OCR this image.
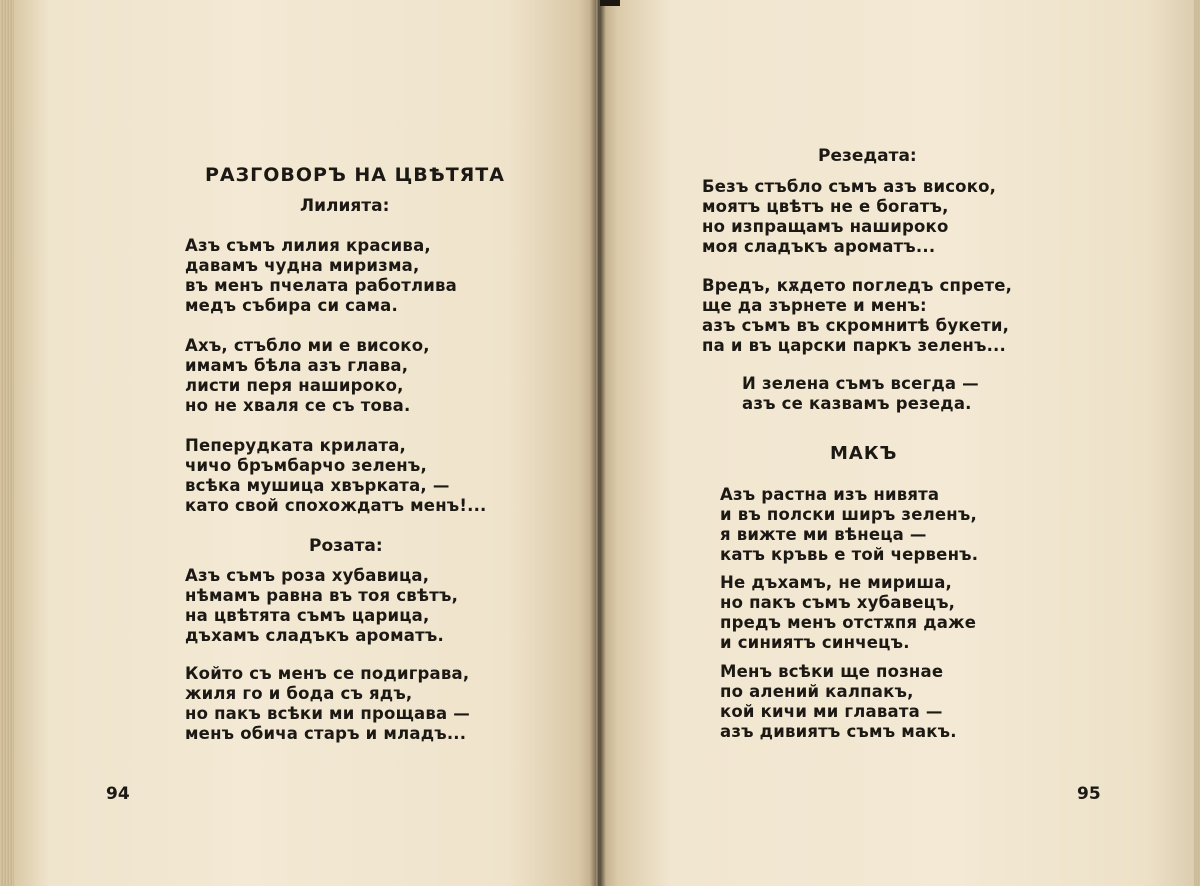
РАЗГОВОРЪ НА ЦВѢТЯТА
Лилията:
Азъ съмъ лилия красива,
давамъ чудна миризма,
въ менъ пчелата работлива
медъ събира си сама.
Ахъ, стъбло ми е високо,
имамъ бѣла азъ глава,
листи перя нашироко,
но не хваля се съ това.
Пеперудката крилата,
чичо бръмбарчо зеленъ,
всѣка мушица хвърката, —
като свой спохождатъ менъ!...
Розата:
Азъ съмъ роза хубавица,
нѣмамъ равна въ тоя свѣтъ,
на цвѣтята съмъ царица,
дъхамъ сладъкъ ароматъ.
Който съ менъ се подиграва,
жиля го и бода съ ядъ,
но пакъ всѣки ми прощава —
менъ обича старъ и младъ...
94
Резедата:
Безъ стъбло съмъ азъ високо,
моятъ цвѣтъ не е богатъ,
но изпращамъ нашироко
моя сладъкъ ароматъ...
Вредъ, кѫдето погледъ спрете,
ще да зърнете и менъ:
азъ съмъ въ скромнитѣ букети,
па и въ царски паркъ зеленъ...
И зелена съмъ всегда —
азъ се казвамъ резеда.
МАКЪ
Азъ растна изъ нивята
и въ полски ширъ зеленъ,
я вижте ми вѣнеца —
катъ кръвь е той червенъ.
Не дъхамъ, не мириша,
но пакъ съмъ хубавецъ,
предъ менъ отстѫпя даже
и синиятъ синчецъ.
Менъ всѣки ще познае
по алений калпакъ,
кой кичи ми главата —
азъ дивиятъ съмъ макъ.
95
